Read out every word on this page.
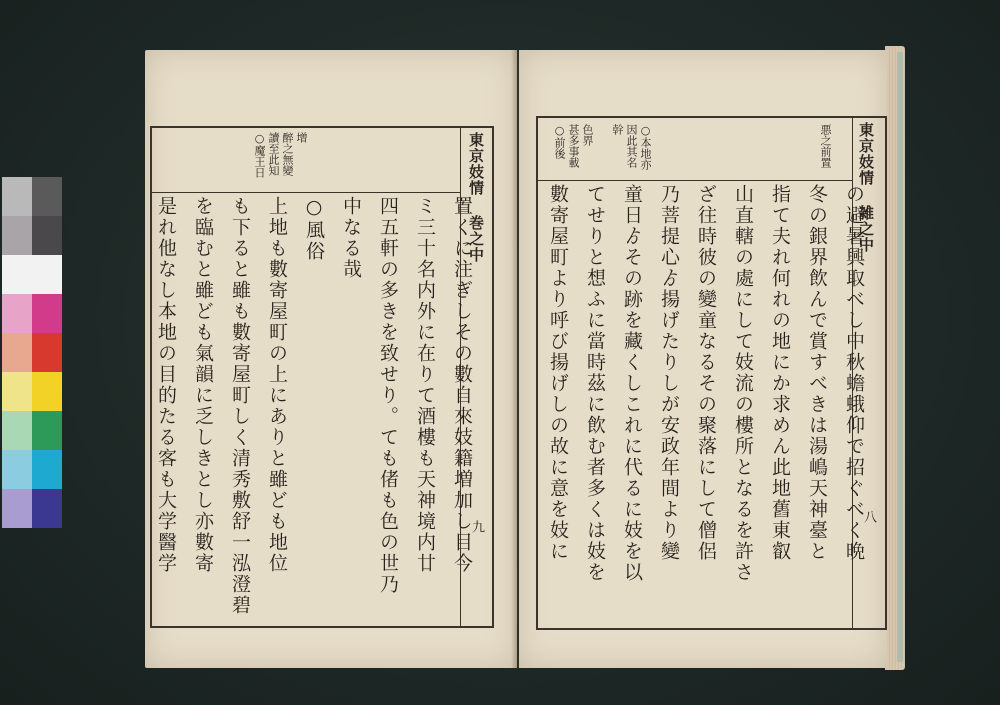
東京妓情 巻之中
○魔王日 讀至此知 醉之無變 增
置くに注ぎしその數自來妓籍増加し目今
ミ三十名内外に在りて酒樓も天神境内廿
四五軒の多きを致せり。ても偖も色の世乃
中なる哉
○風俗
上地も數寄屋町の上にありと雖ども地位
も下ると雖も數寄屋町しく清秀敷舒一泓澄碧
を臨むと雖ども氣韻に乏しきとし亦數寄
是れ他なし本地の目的たる客も大学醫学	九
東京妓情 雑之中
○前後 甚多事載 色界 幹 因此其名 ○本地亦	悪之前置
の避暑興取べし中秋蟾蛾仰で招ぐべく晩
冬の銀界飲んで賞すべきは湯嶋天神臺と
指て夫れ何れの地にか求めん此地舊東叡
山直轄の處にして妓流の樓所となるを許さ
ざ往時彼の變童なるその聚落にして僧侶
乃菩提心ゟ揚げたりしが安政年間より變
童日ゟその跡を藏くしこれに代るに妓を以
てせりと想ふに當時茲に飲む者多くは妓を
數寄屋町より呼び揚げしの故に意を妓に	八
